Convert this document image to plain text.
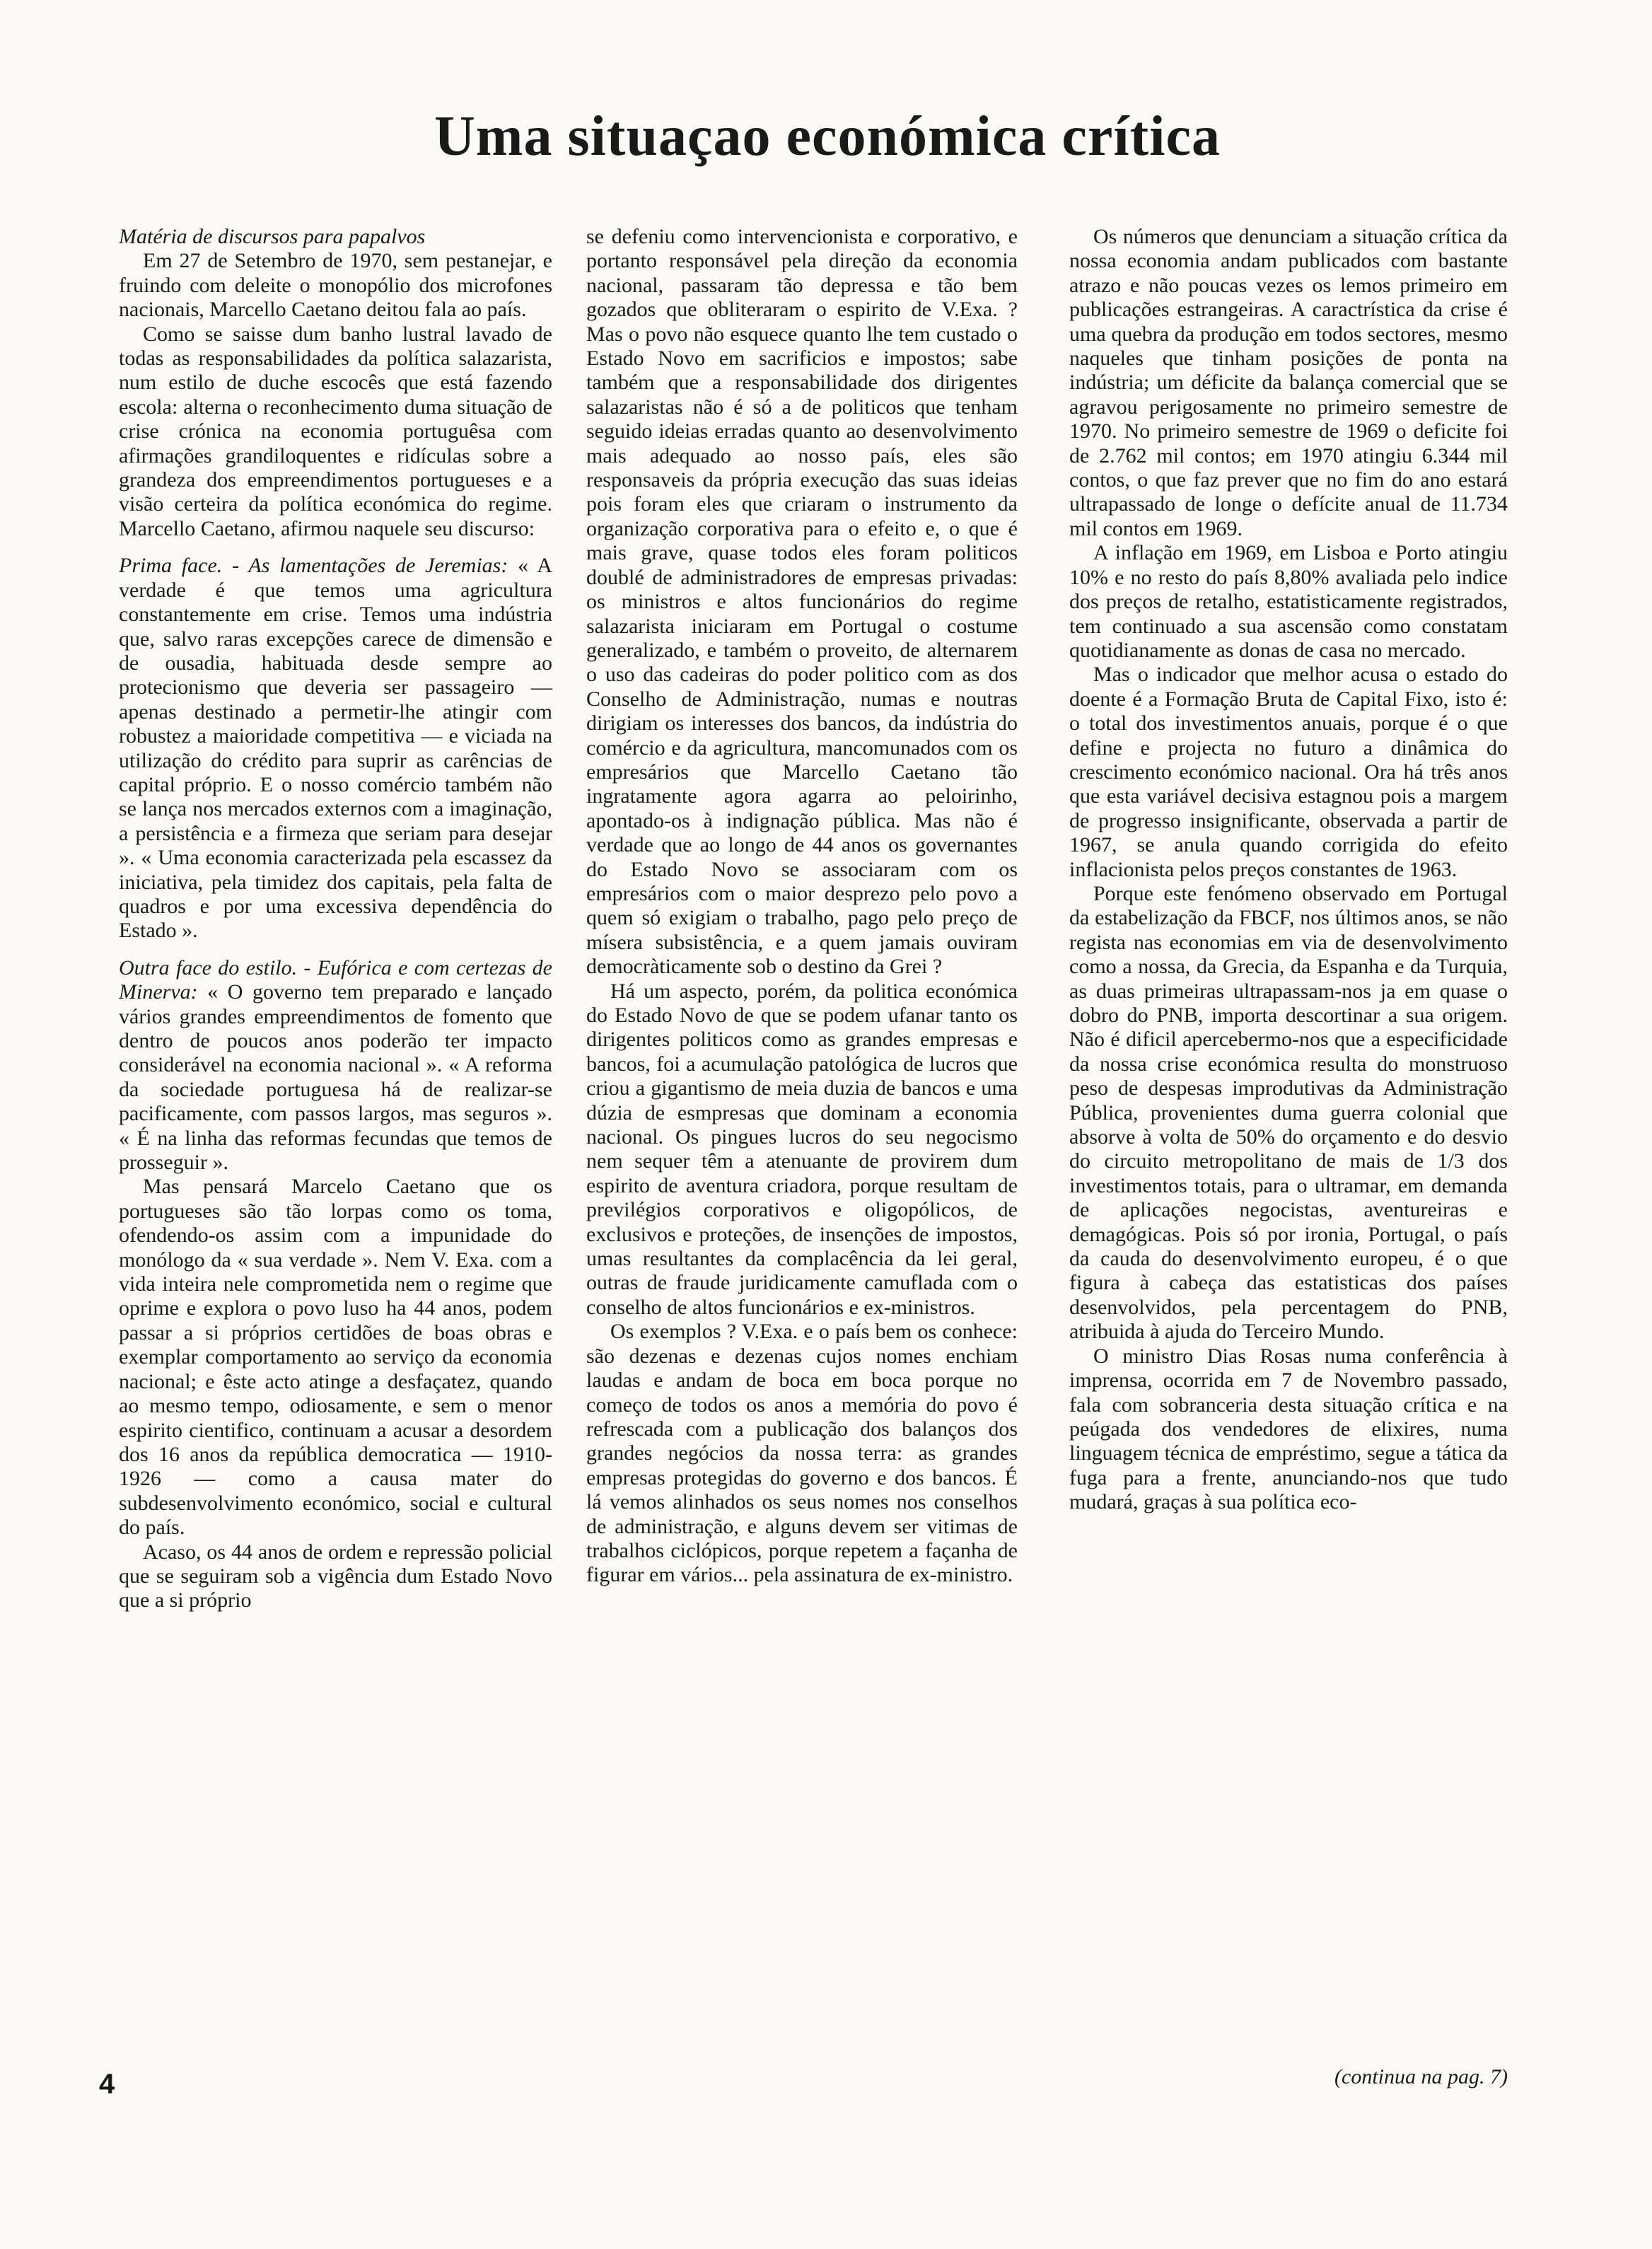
Uma situaçao económica crítica

Matéria de discursos para papalvos

Em 27 de Setembro de 1970, sem pestanejar, e fruindo com deleite o monopólio dos microfones nacionais, Marcello Caetano deitou fala ao país.

Como se saisse dum banho lustral lavado de todas as responsabilidades da política salazarista, num estilo de duche escocês que está fazendo escola: alterna o reconhecimento duma situação de crise crónica na economia portuguêsa com afirmações grandiloquentes e ridículas sobre a grandeza dos empreendimentos portugueses e a visão certeira da política económica do regime. Marcello Caetano, afirmou naquele seu discurso:

Prima face. - As lamentações de Jeremias: « A verdade é que temos uma agricultura constantemente em crise. Temos uma indústria que, salvo raras excepções carece de dimensão e de ousadia, habituada desde sempre ao protecionismo que deveria ser passageiro — apenas destinado a permetir-lhe atingir com robustez a maioridade competitiva — e viciada na utilização do crédito para suprir as carências de capital próprio. E o nosso comércio também não se lança nos mercados externos com a imaginação, a persistência e a firmeza que seriam para desejar ». « Uma economia caracterizada pela escassez da iniciativa, pela timidez dos capitais, pela falta de quadros e por uma excessiva dependência do Estado ».

Outra face do estilo. - Eufórica e com certezas de Minerva: « O governo tem preparado e lançado vários grandes empreendimentos de fomento que dentro de poucos anos poderão ter impacto considerável na economia nacional ». « A reforma da sociedade portuguesa há de realizar-se pacificamente, com passos largos, mas seguros ». « É na linha das reformas fecundas que temos de prosseguir ».

Mas pensará Marcelo Caetano que os portugueses são tão lorpas como os toma, ofendendo-os assim com a impunidade do monólogo da « sua verdade ». Nem V. Exa. com a vida inteira nele comprometida nem o regime que oprime e explora o povo luso ha 44 anos, podem passar a si próprios certidões de boas obras e exemplar comportamento ao serviço da economia nacional; e êste acto atinge a desfaçatez, quando ao mesmo tempo, odiosamente, e sem o menor espirito cientifico, continuam a acusar a desordem dos 16 anos da república democratica — 1910-1926 — como a causa mater do subdesenvolvimento económico, social e cultural do país.

Acaso, os 44 anos de ordem e repressão policial que se seguiram sob a vigência dum Estado Novo que a si próprio

se defeniu como intervencionista e corporativo, e portanto responsável pela direção da economia nacional, passaram tão depressa e tão bem gozados que obliteraram o espirito de V.Exa. ? Mas o povo não esquece quanto lhe tem custado o Estado Novo em sacrificios e impostos; sabe também que a responsabilidade dos dirigentes salazaristas não é só a de politicos que tenham seguido ideias erradas quanto ao desenvolvimento mais adequado ao nosso país, eles são responsaveis da própria execução das suas ideias pois foram eles que criaram o instrumento da organização corporativa para o efeito e, o que é mais grave, quase todos eles foram politicos doublé de administradores de empresas privadas: os ministros e altos funcionários do regime salazarista iniciaram em Portugal o costume generalizado, e também o proveito, de alternarem o uso das cadeiras do poder politico com as dos Conselho de Administração, numas e noutras dirigiam os interesses dos bancos, da indústria do comércio e da agricultura, mancomunados com os empresários que Marcello Caetano tão ingratamente agora agarra ao peloirinho, apontado-os à indignação pública. Mas não é verdade que ao longo de 44 anos os governantes do Estado Novo se associaram com os empresários com o maior desprezo pelo povo a quem só exigiam o trabalho, pago pelo preço de mísera subsistência, e a quem jamais ouviram democràticamente sob o destino da Grei ?

Há um aspecto, porém, da politica económica do Estado Novo de que se podem ufanar tanto os dirigentes politicos como as grandes empresas e bancos, foi a acumulação patológica de lucros que criou a gigantismo de meia duzia de bancos e uma dúzia de esmpresas que dominam a economia nacional. Os pingues lucros do seu negocismo nem sequer têm a atenuante de provirem dum espirito de aventura criadora, porque resultam de previlégios corporativos e oligopólicos, de exclusivos e proteções, de insenções de impostos, umas resultantes da complacência da lei geral, outras de fraude juridicamente camuflada com o conselho de altos funcionários e ex-ministros.

Os exemplos ? V.Exa. e o país bem os conhece: são dezenas e dezenas cujos nomes enchiam laudas e andam de boca em boca porque no começo de todos os anos a memória do povo é refrescada com a publicação dos balanços dos grandes negócios da nossa terra: as grandes empresas protegidas do governo e dos bancos. É lá vemos alinhados os seus nomes nos conselhos de administração, e alguns devem ser vitimas de trabalhos ciclópicos, porque repetem a façanha de figurar em vários... pela assinatura de ex-ministro.

Os números que denunciam a situação crítica da nossa economia andam publicados com bastante atrazo e não poucas vezes os lemos primeiro em publicações estrangeiras. A caractrística da crise é uma quebra da produção em todos sectores, mesmo naqueles que tinham posições de ponta na indústria; um déficite da balança comercial que se agravou perigosamente no primeiro semestre de 1970. No primeiro semestre de 1969 o deficite foi de 2.762 mil contos; em 1970 atingiu 6.344 mil contos, o que faz prever que no fim do ano estará ultrapassado de longe o defícite anual de 11.734 mil contos em 1969.

A inflação em 1969, em Lisboa e Porto atingiu 10% e no resto do país 8,80% avaliada pelo indice dos preços de retalho, estatisticamente registrados, tem continuado a sua ascensão como constatam quotidianamente as donas de casa no mercado.

Mas o indicador que melhor acusa o estado do doente é a Formação Bruta de Capital Fixo, isto é: o total dos investimentos anuais, porque é o que define e projecta no futuro a dinâmica do crescimento económico nacional. Ora há três anos que esta variável decisiva estagnou pois a margem de progresso insignificante, observada a partir de 1967, se anula quando corrigida do efeito inflacionista pelos preços constantes de 1963.

Porque este fenómeno observado em Portugal da estabelização da FBCF, nos últimos anos, se não regista nas economias em via de desenvolvimento como a nossa, da Grecia, da Espanha e da Turquia, as duas primeiras ultrapassam-nos ja em quase o dobro do PNB, importa descortinar a sua origem. Não é dificil apercebermo-nos que a especificidade da nossa crise económica resulta do monstruoso peso de despesas improdutivas da Administração Pública, provenientes duma guerra colonial que absorve à volta de 50% do orçamento e do desvio do circuito metropolitano de mais de 1/3 dos investimentos totais, para o ultramar, em demanda de aplicações negocistas, aventureiras e demagógicas. Pois só por ironia, Portugal, o país da cauda do desenvolvimento europeu, é o que figura à cabeça das estatisticas dos países desenvolvidos, pela percentagem do PNB, atribuida à ajuda do Terceiro Mundo.

O ministro Dias Rosas numa conferência à imprensa, ocorrida em 7 de Novembro passado, fala com sobranceria desta situação crítica e na peúgada dos vendedores de elixires, numa linguagem técnica de empréstimo, segue a tática da fuga para a frente, anunciando-nos que tudo mudará, graças à sua política eco-

(continua na pag. 7)

4
